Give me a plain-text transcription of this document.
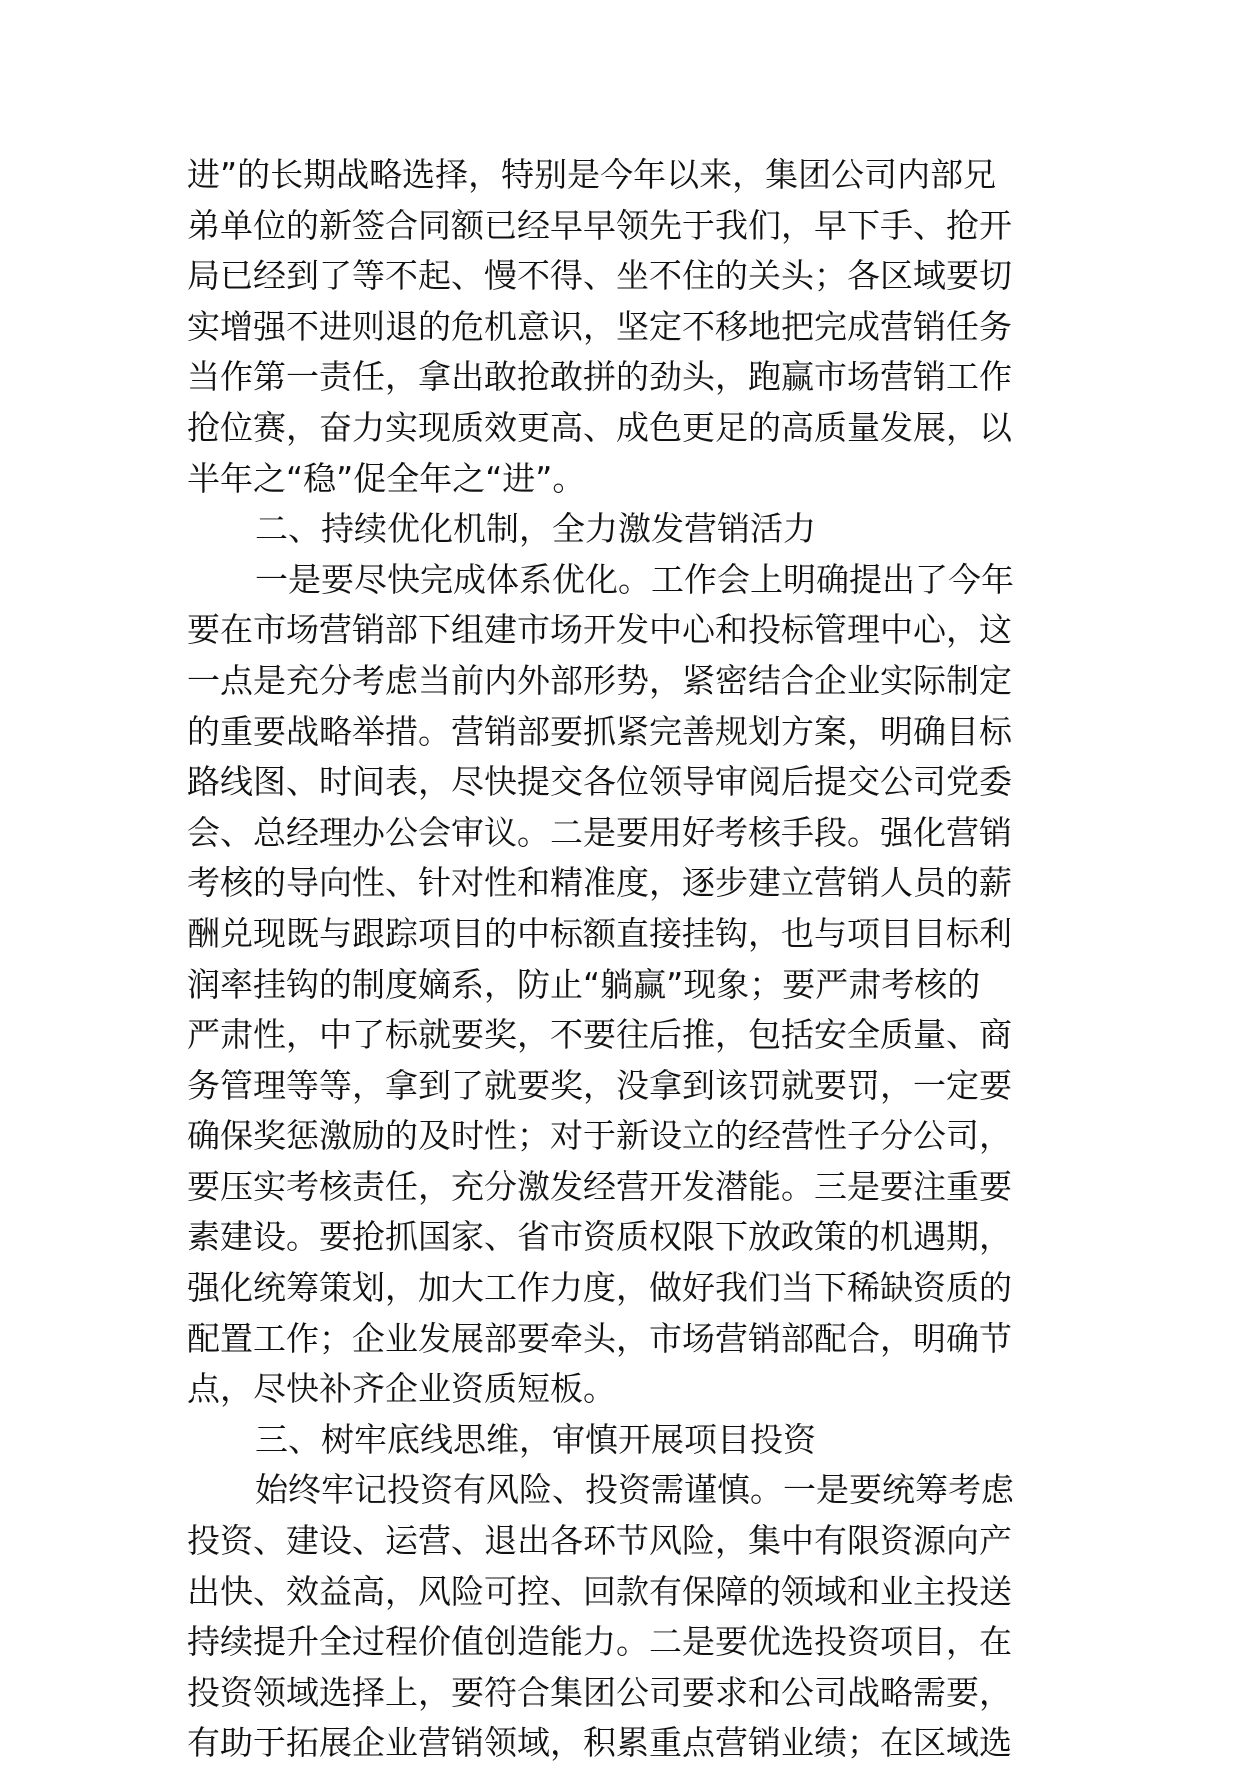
进”的长期战略选择，特别是今年以来，集团公司内部兄
弟单位的新签合同额已经早早领先于我们，早下手、抢开
局已经到了等不起、慢不得、坐不住的关头；各区域要切
实增强不进则退的危机意识，坚定不移地把完成营销任务
当作第一责任，拿出敢抢敢拼的劲头，跑赢市场营销工作
抢位赛，奋力实现质效更高、成色更足的高质量发展，以
半年之“稳”促全年之“进”。
二、持续优化机制，全力激发营销活力
一是要尽快完成体系优化。工作会上明确提出了今年
要在市场营销部下组建市场开发中心和投标管理中心，这
一点是充分考虑当前内外部形势，紧密结合企业实际制定
的重要战略举措。营销部要抓紧完善规划方案，明确目标
路线图、时间表，尽快提交各位领导审阅后提交公司党委
会、总经理办公会审议。二是要用好考核手段。强化营销
考核的导向性、针对性和精准度，逐步建立营销人员的薪
酬兑现既与跟踪项目的中标额直接挂钩，也与项目目标利
润率挂钩的制度嫡系，防止“躺赢”现象；要严肃考核的
严肃性，中了标就要奖，不要往后推，包括安全质量、商
务管理等等，拿到了就要奖，没拿到该罚就要罚，一定要
确保奖惩激励的及时性；对于新设立的经营性子分公司，
要压实考核责任，充分激发经营开发潜能。三是要注重要
素建设。要抢抓国家、省市资质权限下放政策的机遇期，
强化统筹策划，加大工作力度，做好我们当下稀缺资质的
配置工作；企业发展部要牵头，市场营销部配合，明确节
点，尽快补齐企业资质短板。
三、树牢底线思维，审慎开展项目投资
始终牢记投资有风险、投资需谨慎。一是要统筹考虑
投资、建设、运营、退出各环节风险，集中有限资源向产
出快、效益高，风险可控、回款有保障的领域和业主投送
持续提升全过程价值创造能力。二是要优选投资项目，在
投资领域选择上，要符合集团公司要求和公司战略需要，
有助于拓展企业营销领域，积累重点营销业绩；在区域选
